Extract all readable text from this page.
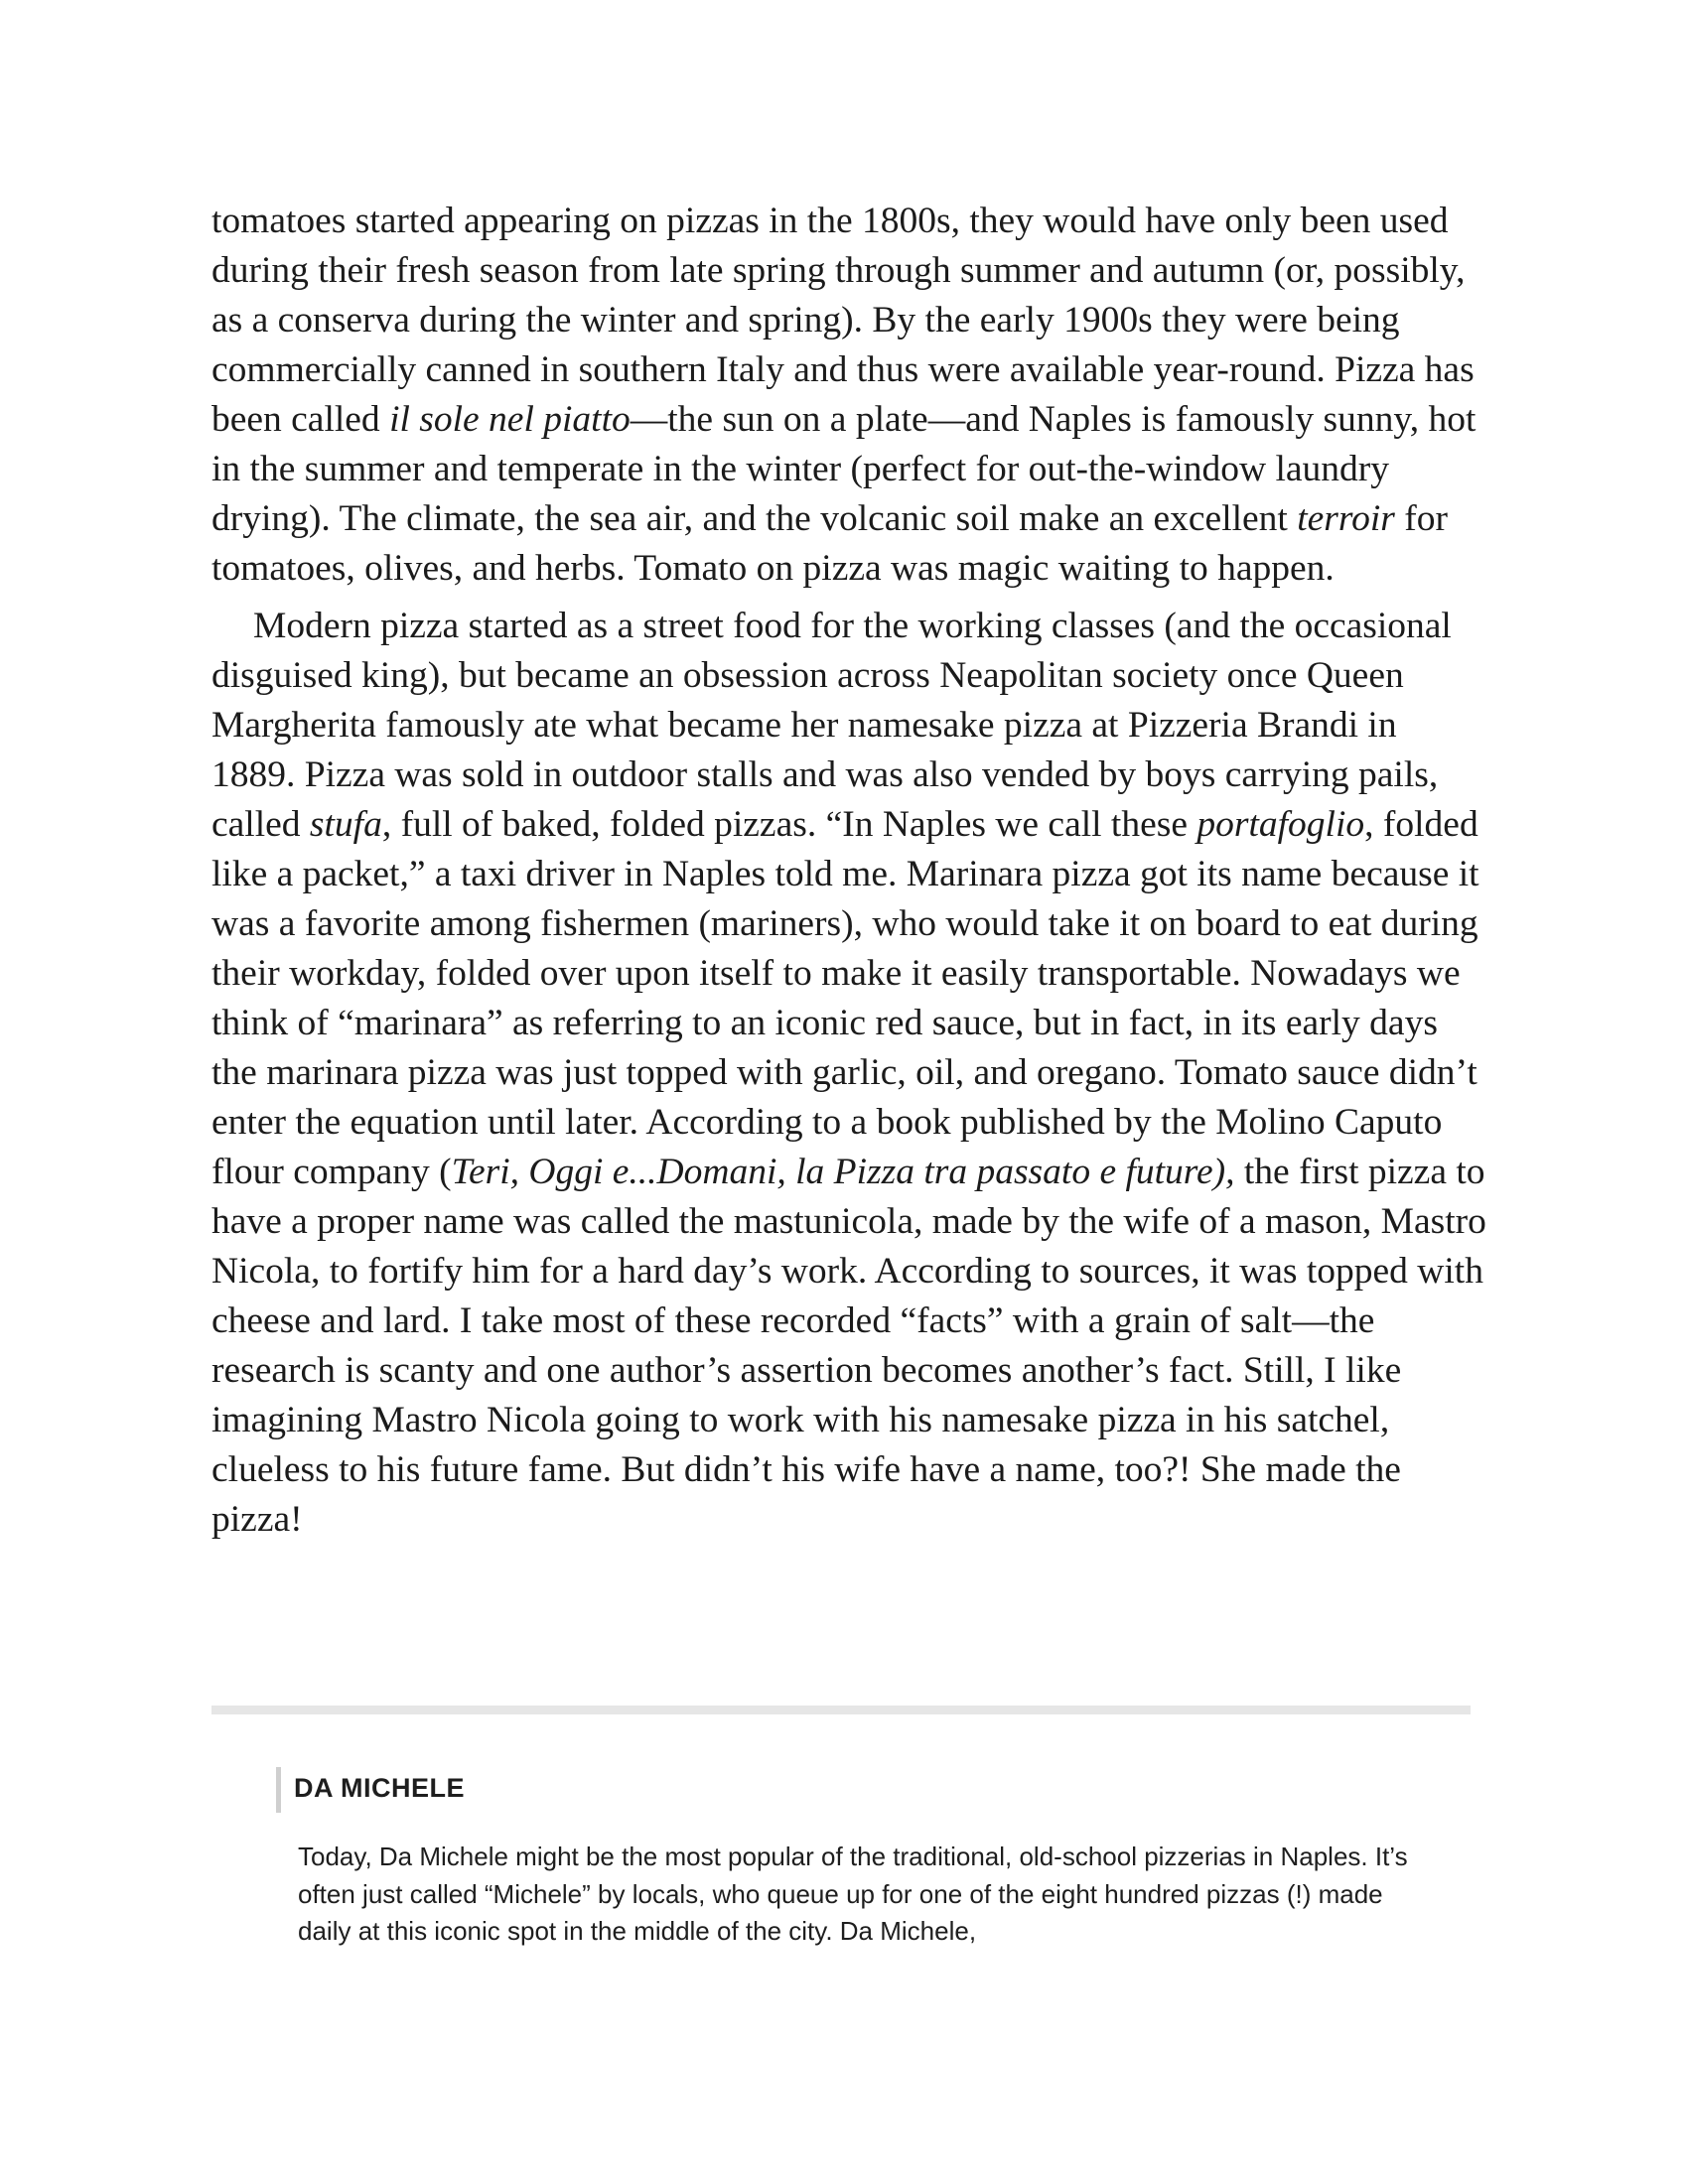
tomatoes started appearing on pizzas in the 1800s, they would have only been used during their fresh season from late spring through summer and autumn (or, possibly, as a conserva during the winter and spring). By the early 1900s they were being commercially canned in southern Italy and thus were available year-round. Pizza has been called il sole nel piatto—the sun on a plate—and Naples is famously sunny, hot in the summer and temperate in the winter (perfect for out-the-window laundry drying). The climate, the sea air, and the volcanic soil make an excellent terroir for tomatoes, olives, and herbs. Tomato on pizza was magic waiting to happen.

Modern pizza started as a street food for the working classes (and the occasional disguised king), but became an obsession across Neapolitan society once Queen Margherita famously ate what became her namesake pizza at Pizzeria Brandi in 1889. Pizza was sold in outdoor stalls and was also vended by boys carrying pails, called stufa, full of baked, folded pizzas. “In Naples we call these portafoglio, folded like a packet,” a taxi driver in Naples told me. Marinara pizza got its name because it was a favorite among fishermen (mariners), who would take it on board to eat during their workday, folded over upon itself to make it easily transportable. Nowadays we think of “marinara” as referring to an iconic red sauce, but in fact, in its early days the marinara pizza was just topped with garlic, oil, and oregano. Tomato sauce didn’t enter the equation until later. According to a book published by the Molino Caputo flour company (Teri, Oggi e...Domani, la Pizza tra passato e future), the first pizza to have a proper name was called the mastunicola, made by the wife of a mason, Mastro Nicola, to fortify him for a hard day’s work. According to sources, it was topped with cheese and lard. I take most of these recorded “facts” with a grain of salt—the research is scanty and one author’s assertion becomes another’s fact. Still, I like imagining Mastro Nicola going to work with his namesake pizza in his satchel, clueless to his future fame. But didn’t his wife have a name, too?! She made the pizza!

DA MICHELE

Today, Da Michele might be the most popular of the traditional, old-school pizzerias in Naples. It’s often just called “Michele” by locals, who queue up for one of the eight hundred pizzas (!) made daily at this iconic spot in the middle of the city. Da Michele,
